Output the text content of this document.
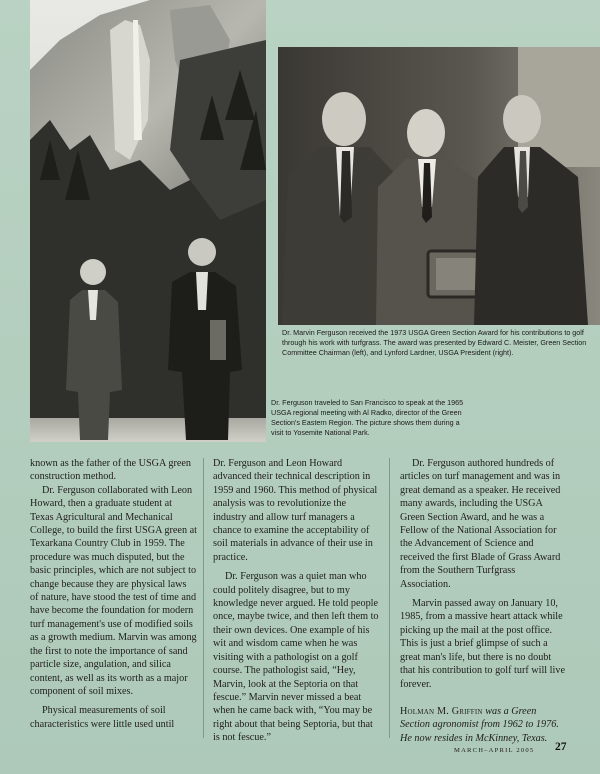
Dr. Marvin Ferguson received the 1973 USGA Green Section Award for his contributions to golf through his work with turfgrass. The award was presented by Edward C. Meister, Green Section Committee Chairman (left), and Lynford Lardner, USGA President (right).
Dr. Ferguson traveled to San Francisco to speak at the 1965 USGA regional meeting with Al Radko, director of the Green Section's Eastern Region. The picture shows them during a visit to Yosemite National Park.

known as the father of the USGA green construction method.

Dr. Ferguson collaborated with Leon Howard, then a graduate student at Texas Agricultural and Mechanical College, to build the first USGA green at Texarkana Country Club in 1959. The procedure was much disputed, but the basic principles, which are not subject to change because they are physical laws of nature, have stood the test of time and have become the foundation for modern turf management's use of modified soils as a growth medium. Marvin was among the first to note the importance of sand particle size, angulation, and silica content, as well as its worth as a major component of soil mixes.

Physical measurements of soil characteristics were little used until

Dr. Ferguson and Leon Howard advanced their technical description in 1959 and 1960. This method of physical analysis was to revolutionize the industry and allow turf managers a chance to examine the acceptability of soil materials in advance of their use in practice.

Dr. Ferguson was a quiet man who could politely disagree, but to my knowledge never argued. He told people once, maybe twice, and then left them to their own devices. One example of his wit and wisdom came when he was visiting with a pathologist on a golf course. The pathologist said, “Hey, Marvin, look at the Septoria on that fescue.” Marvin never missed a beat when he came back with, “You may be right about that being Septoria, but that is not fescue.”

Dr. Ferguson authored hundreds of articles on turf management and was in great demand as a speaker. He received many awards, including the USGA Green Section Award, and he was a Fellow of the National Association for the Advancement of Science and received the first Blade of Grass Award from the Southern Turfgrass Association.

Marvin passed away on January 10, 1985, from a massive heart attack while picking up the mail at the post office. This is just a brief glimpse of such a great man's life, but there is no doubt that his contribution to golf turf will live forever.

Holman M. Griffin was a Green Section agronomist from 1962 to 1976. He now resides in McKinney, Texas.

MARCH–APRIL 2005 27
